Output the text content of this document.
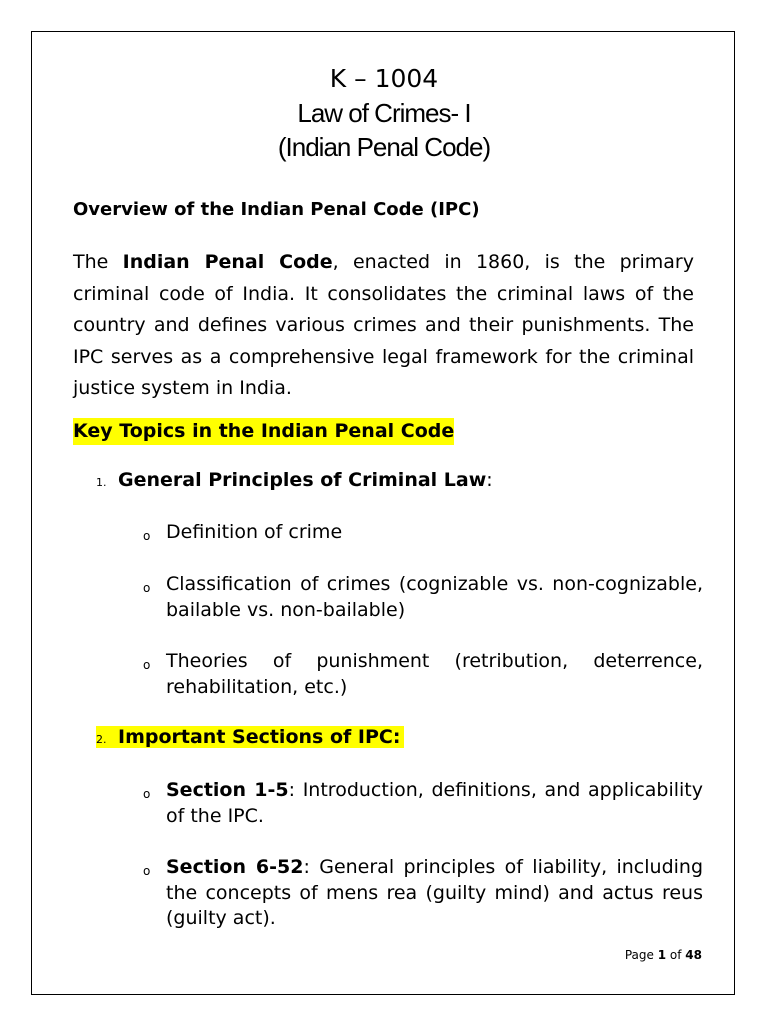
K – 1004
Law of Crimes- I
(Indian Penal Code)
Overview of the Indian Penal Code (IPC)
The Indian Penal Code, enacted in 1860, is the primary criminal code of India. It consolidates the criminal laws of the country and defines various crimes and their punishments. The IPC serves as a comprehensive legal framework for the criminal justice system in India.
Key Topics in the Indian Penal Code
1. General Principles of Criminal Law:
o Definition of crime
o Classification of crimes (cognizable vs. non-cognizable, bailable vs. non-bailable)
o Theories of punishment (retribution, deterrence, rehabilitation, etc.)
2. Important Sections of IPC:
o Section 1-5: Introduction, definitions, and applicability of the IPC.
o Section 6-52: General principles of liability, including the concepts of mens rea (guilty mind) and actus reus (guilty act).
Page 1 of 48
